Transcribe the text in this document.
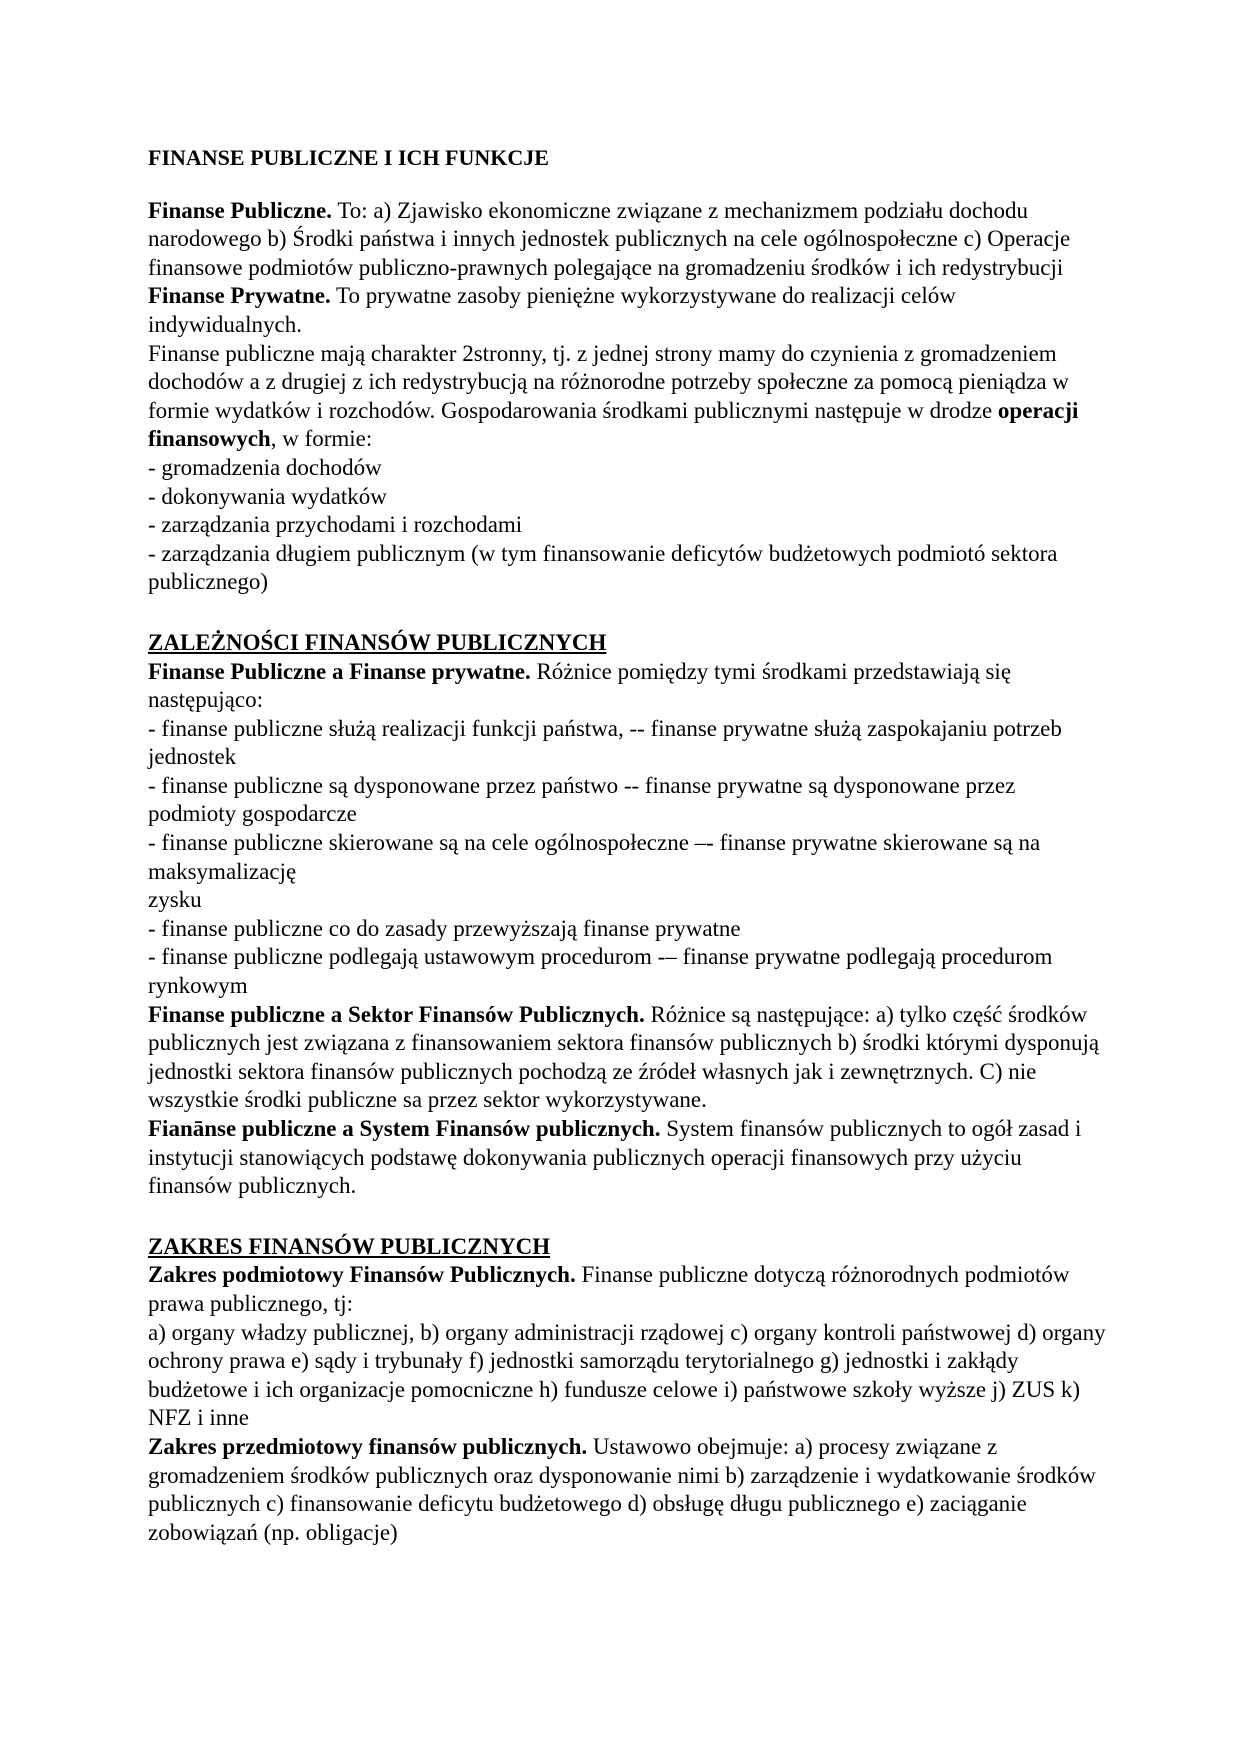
FINANSE PUBLICZNE I ICH FUNKCJE

Finanse Publiczne. To: a) Zjawisko ekonomiczne związane z mechanizmem podziału dochodu narodowego b) Środki państwa i innych jednostek publicznych na cele ogólnospołeczne c) Operacje finansowe podmiotów publiczno-prawnych polegające na gromadzeniu środków i ich redystrybucji

Finanse Prywatne. To prywatne zasoby pieniężne wykorzystywane do realizacji celów indywidualnych.

Finanse publiczne mają charakter 2stronny, tj. z jednej strony mamy do czynienia z gromadzeniem dochodów a z drugiej z ich redystrybucją na różnorodne potrzeby społeczne za pomocą pieniądza w formie wydatków i rozchodów. Gospodarowania środkami publicznymi następuje w drodze operacji finansowych, w formie:

- gromadzenia dochodów

- dokonywania wydatków

- zarządzania przychodami i rozchodami

- zarządzania długiem publicznym (w tym finansowanie deficytów budżetowych podmiotó sektora publicznego)

ZALEŻNOŚCI FINANSÓW PUBLICZNYCH

Finanse Publiczne a Finanse prywatne. Różnice pomiędzy tymi środkami przedstawiają się następująco:

- finanse publiczne służą realizacji funkcji państwa, -- finanse prywatne służą zaspokajaniu potrzeb jednostek

- finanse publiczne są dysponowane przez państwo -- finanse prywatne są dysponowane przez podmioty gospodarcze

- finanse publiczne skierowane są na cele ogólnospołeczne –- finanse prywatne skierowane są na maksymalizację

zysku

- finanse publiczne co do zasady przewyższają finanse prywatne

- finanse publiczne podlegają ustawowym procedurom -– finanse prywatne podlegają procedurom rynkowym

Finanse publiczne a Sektor Finansów Publicznych. Różnice są następujące: a) tylko część środków publicznych jest związana z finansowaniem sektora finansów publicznych b) środki którymi dysponują jednostki sektora finansów publicznych pochodzą ze źródeł własnych jak i zewnętrznych. C) nie wszystkie środki publiczne sa przez sektor wykorzystywane.

Fianānse publiczne a System Finansów publicznych. System finansów publicznych to ogół zasad i instytucji stanowiących podstawę dokonywania publicznych operacji finansowych przy użyciu finansów publicznych.

ZAKRES FINANSÓW PUBLICZNYCH

Zakres podmiotowy Finansów Publicznych. Finanse publiczne dotyczą różnorodnych podmiotów prawa publicznego, tj:

a) organy władzy publicznej, b) organy administracji rządowej c) organy kontroli państwowej d) organy ochrony prawa e) sądy i trybunały f) jednostki samorządu terytorialnego g) jednostki i zakłądy budżetowe i ich organizacje pomocniczne h) fundusze celowe i) państwowe szkoły wyższe j) ZUS k) NFZ i inne

Zakres przedmiotowy finansów publicznych. Ustawowo obejmuje: a) procesy związane z gromadzeniem środków publicznych oraz dysponowanie nimi b) zarządzenie i wydatkowanie środków publicznych c) finansowanie deficytu budżetowego d) obsługę długu publicznego e) zaciąganie zobowiązań (np. obligacje)
